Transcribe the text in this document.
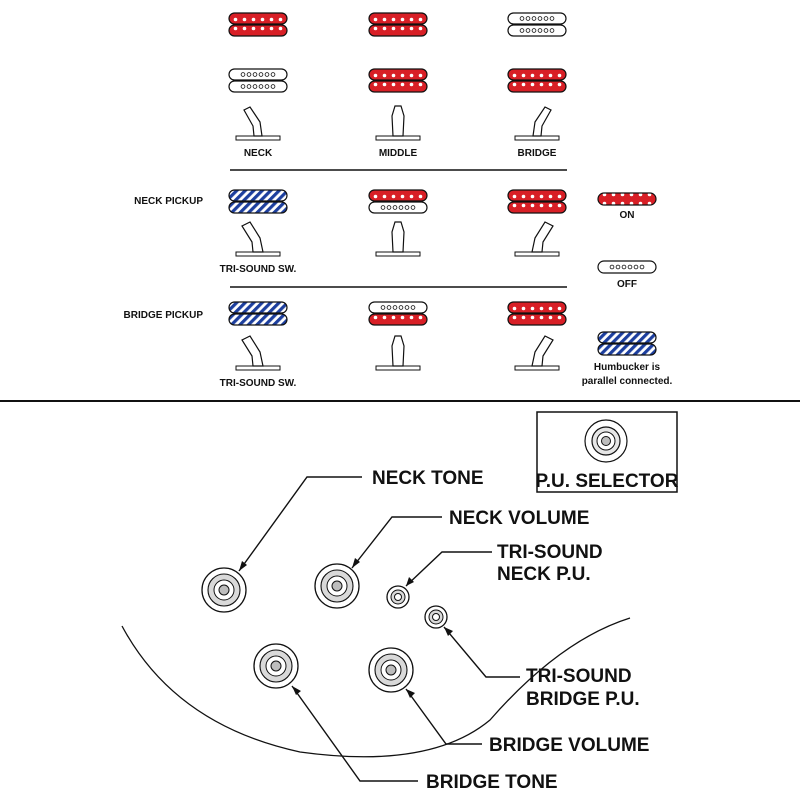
NECK	MIDDLE	BRIDGE
NECK PICKUP
TRI-SOUND SW.
BRIDGE PICKUP
TRI-SOUND SW.
ON
OFF
Humbucker is
parallel connected.
P.U. SELECTOR
NECK TONE
NECK VOLUME
TRI-SOUND
NECK P.U.
TRI-SOUND
BRIDGE P.U.
BRIDGE VOLUME
BRIDGE TONE
